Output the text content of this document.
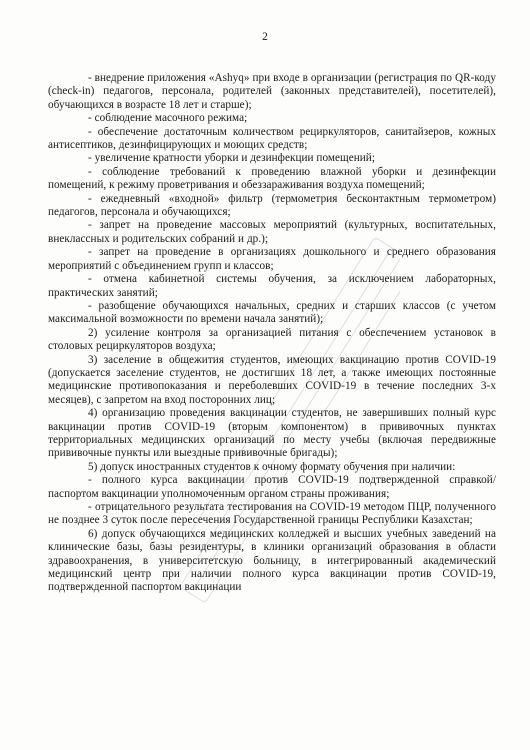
2

- внедрение приложения «Ashyq» при входе в организации (регистрация по QR-коду (check-in) педагогов, персонала, родителей (законных представителей), посетителей), обучающихся в возрасте 18 лет и старше);

- соблюдение масочного режима;

- обеспечение достаточным количеством рециркуляторов, санитайзеров, кожных антисептиков, дезинфицирующих и моющих средств;

- увеличение кратности уборки и дезинфекции помещений;

- соблюдение требований к проведению влажной уборки и дезинфекции помещений, к режиму проветривания и обеззараживания воздуха помещений;

- ежедневный «входной» фильтр (термометрия бесконтактным термометром) педагогов, персонала и обучающихся;

- запрет на проведение массовых мероприятий (культурных, воспитательных, внеклассных и родительских собраний и др.);

- запрет на проведение в организациях дошкольного и среднего образования мероприятий с объединением групп и классов;

- отмена кабинетной системы обучения, за исключением лабораторных, практических занятий;

- разобщение обучающихся начальных, средних и старших классов (с учетом максимальной возможности по времени начала занятий);

2) усиление контроля за организацией питания с обеспечением установок в столовых рециркуляторов воздуха;

3) заселение в общежития студентов, имеющих вакцинацию против COVID-19 (допускается заселение студентов, не достигших 18 лет, а также имеющих постоянные медицинские противопоказания и переболевших COVID-19 в течение последних 3-х месяцев), с запретом на вход посторонних лиц;

4) организацию проведения вакцинации студентов, не завершивших полный курс вакцинации против COVID-19 (вторым компонентом) в прививочных пунктах территориальных медицинских организаций по месту учебы (включая передвижные прививочные пункты или выездные прививочные бригады);

5) допуск иностранных студентов к очному формату обучения при наличии:

- полного курса вакцинации против COVID-19 подтвержденной справкой/паспортом вакцинации уполномоченным органом страны проживания;

- отрицательного результата тестирования на COVID-19 методом ПЦР, полученного не позднее 3 суток после пересечения Государственной границы Республики Казахстан;

6) допуск обучающихся медицинских колледжей и высших учебных заведений на клинические базы, базы резидентуры, в клиники организаций образования в области здравоохранения, в университетскую больницу, в интегрированный академический медицинский центр при наличии полного курса вакцинации против COVID-19, подтвержденной паспортом вакцинации
